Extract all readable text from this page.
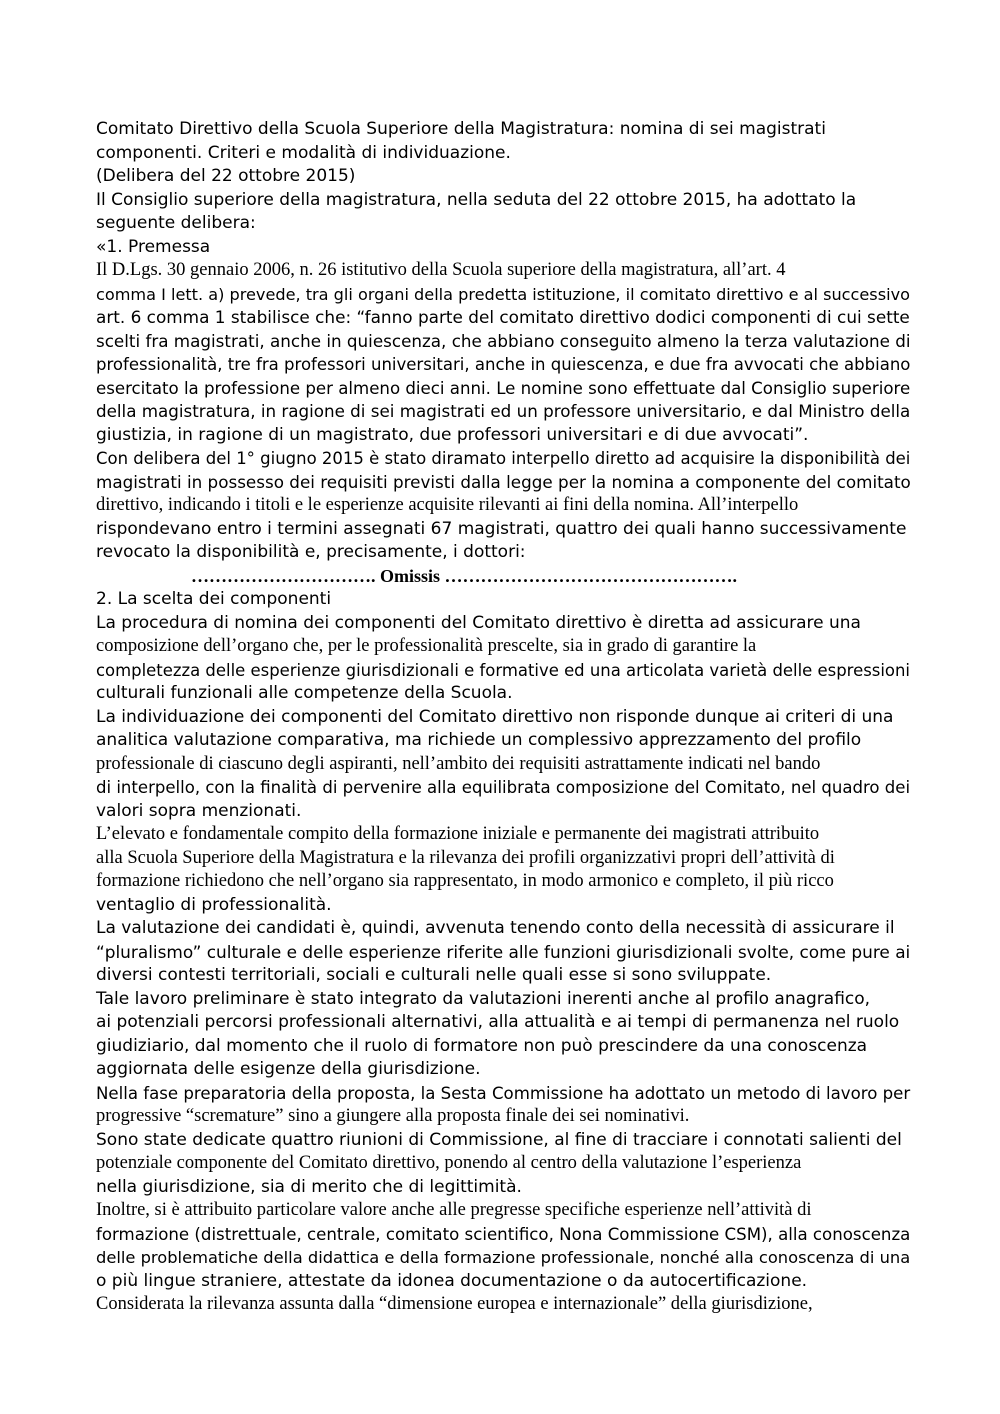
Comitato Direttivo della Scuola Superiore della Magistratura: nomina di sei magistrati
componenti. Criteri e modalità di individuazione.
(Delibera del 22 ottobre 2015)
Il Consiglio superiore della magistratura, nella seduta del 22 ottobre 2015, ha adottato la
seguente delibera:
«1. Premessa
Il D.Lgs. 30 gennaio 2006, n. 26 istitutivo della Scuola superiore della magistratura, all’art. 4
comma I lett. a) prevede, tra gli organi della predetta istituzione, il comitato direttivo e al successivo
art. 6 comma 1 stabilisce che: “fanno parte del comitato direttivo dodici componenti di cui sette
scelti fra magistrati, anche in quiescenza, che abbiano conseguito almeno la terza valutazione di
professionalità, tre fra professori universitari, anche in quiescenza, e due fra avvocati che abbiano
esercitato la professione per almeno dieci anni. Le nomine sono effettuate dal Consiglio superiore
della magistratura, in ragione di sei magistrati ed un professore universitario, e dal Ministro della
giustizia, in ragione di un magistrato, due professori universitari e di due avvocati”.
Con delibera del 1° giugno 2015 è stato diramato interpello diretto ad acquisire la disponibilità dei
magistrati in possesso dei requisiti previsti dalla legge per la nomina a componente del comitato
direttivo, indicando i titoli e le esperienze acquisite rilevanti ai fini della nomina. All’interpello
rispondevano entro i termini assegnati 67 magistrati, quattro dei quali hanno successivamente
revocato la disponibilità e, precisamente, i dottori:
…………………………. Omissis ………………………………………….
2. La scelta dei componenti
La procedura di nomina dei componenti del Comitato direttivo è diretta ad assicurare una
composizione dell’organo che, per le professionalità prescelte, sia in grado di garantire la
completezza delle esperienze giurisdizionali e formative ed una articolata varietà delle espressioni
culturali funzionali alle competenze della Scuola.
La individuazione dei componenti del Comitato direttivo non risponde dunque ai criteri di una
analitica valutazione comparativa, ma richiede un complessivo apprezzamento del profilo
professionale di ciascuno degli aspiranti, nell’ambito dei requisiti astrattamente indicati nel bando
di interpello, con la finalità di pervenire alla equilibrata composizione del Comitato, nel quadro dei
valori sopra menzionati.
L’elevato e fondamentale compito della formazione iniziale e permanente dei magistrati attribuito
alla Scuola Superiore della Magistratura e la rilevanza dei profili organizzativi propri dell’attività di
formazione richiedono che nell’organo sia rappresentato, in modo armonico e completo, il più ricco
ventaglio di professionalità.
La valutazione dei candidati è, quindi, avvenuta tenendo conto della necessità di assicurare il
“pluralismo” culturale e delle esperienze riferite alle funzioni giurisdizionali svolte, come pure ai
diversi contesti territoriali, sociali e culturali nelle quali esse si sono sviluppate.
Tale lavoro preliminare è stato integrato da valutazioni inerenti anche al profilo anagrafico,
ai potenziali percorsi professionali alternativi, alla attualità e ai tempi di permanenza nel ruolo
giudiziario, dal momento che il ruolo di formatore non può prescindere da una conoscenza
aggiornata delle esigenze della giurisdizione.
Nella fase preparatoria della proposta, la Sesta Commissione ha adottato un metodo di lavoro per
progressive “scremature” sino a giungere alla proposta finale dei sei nominativi.
Sono state dedicate quattro riunioni di Commissione, al fine di tracciare i connotati salienti del
potenziale componente del Comitato direttivo, ponendo al centro della valutazione l’esperienza
nella giurisdizione, sia di merito che di legittimità.
Inoltre, si è attribuito particolare valore anche alle pregresse specifiche esperienze nell’attività di
formazione (distrettuale, centrale, comitato scientifico, Nona Commissione CSM), alla conoscenza
delle problematiche della didattica e della formazione professionale, nonché alla conoscenza di una
o più lingue straniere, attestate da idonea documentazione o da autocertificazione.
Considerata la rilevanza assunta dalla “dimensione europea e internazionale” della giurisdizione,
